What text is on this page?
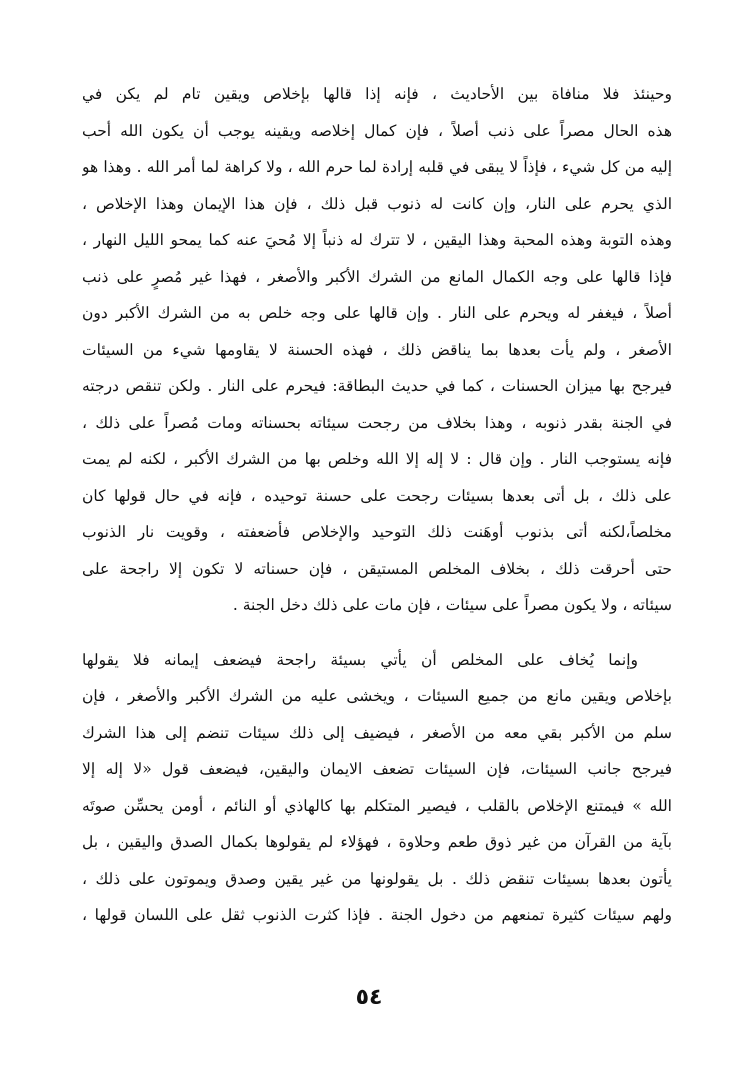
وحينئذ فلا منافاة بين الأحاديث ، فإنه إذا قالها بإخلاص ويقين تام لم يكن في
هذه الحال مصراً على ذنب أصلاً ، فإن كمال إخلاصه ويقينه يوجب أن يكون الله أحب
إليه من كل شيء ، فإذاً لا يبقى في قلبه إرادة لما حرم الله ، ولا كراهة لما أمر الله . وهذا هو
الذي يحرم على النار، وإن كانت له ذنوب قبل ذلك ، فإن هذا الإيمان وهذا الإخلاص ،
وهذه التوبة وهذه المحبة وهذا اليقين ، لا تترك له ذنباً إلا مُحيَ عنه كما يمحو الليل النهار ،
فإذا قالها على وجه الكمال المانع من الشرك الأكبر والأصغر ، فهذا غير مُصرٍ على ذنب
أصلاً ، فيغفر له ويحرم على النار . وإن قالها على وجه خلص به من الشرك الأكبر دون
الأصغر ، ولم يأت بعدها بما يناقض ذلك ، فهذه الحسنة لا يقاومها شيء من السيئات
فيرجح بها ميزان الحسنات ، كما في حديث البطاقة: فيحرم على النار . ولكن تنقص درجته
في الجنة بقدر ذنوبه ، وهذا بخلاف من رجحت سيئاته بحسناته ومات مُصراً على ذلك ،
فإنه يستوجب النار . وإن قال : لا إله إلا الله وخلص بها من الشرك الأكبر ، لكنه لم يمت
على ذلك ، بل أتى بعدها بسيئات رجحت على حسنة توحيده ، فإنه في حال قولها كان
مخلصاً،لكنه أتى بذنوب أوهَنت ذلك التوحيد والإخلاص فأضعفته ، وقويت نار الذنوب
حتى أحرقت ذلك ، بخلاف المخلص المستيقن ، فإن حسناته لا تكون إلا راجحة على
سيئاته ، ولا يكون مصراً على سيئات ، فإن مات على ذلك دخل الجنة .
وإنما يُخاف على المخلص أن يأتي بسيئة راجحة فيضعف إيمانه فلا يقولها
بإخلاص ويقين مانع من جميع السيئات ، ويخشى عليه من الشرك الأكبر والأصغر ، فإن
سلم من الأكبر بقي معه من الأصغر ، فيضيف إلى ذلك سيئات تنضم إلى هذا الشرك
فيرجح جانب السيئات، فإن السيئات تضعف الايمان واليقين، فيضعف قول «لا إله إلا
الله » فيمتنع الإخلاص بالقلب ، فيصير المتكلم بها كالهاذي أو النائم ، أومن يحسِّن صوتَه
بآية من القرآن من غير ذوق طعم وحلاوة ، فهؤلاء لم يقولوها بكمال الصدق واليقين ، بل
يأتون بعدها بسيئات تنقض ذلك . بل يقولونها من غير يقين وصدق ويموتون على ذلك ،
ولهم سيئات كثيرة تمنعهم من دخول الجنة . فإذا كثرت الذنوب ثقل على اللسان قولها ،
٥٤
